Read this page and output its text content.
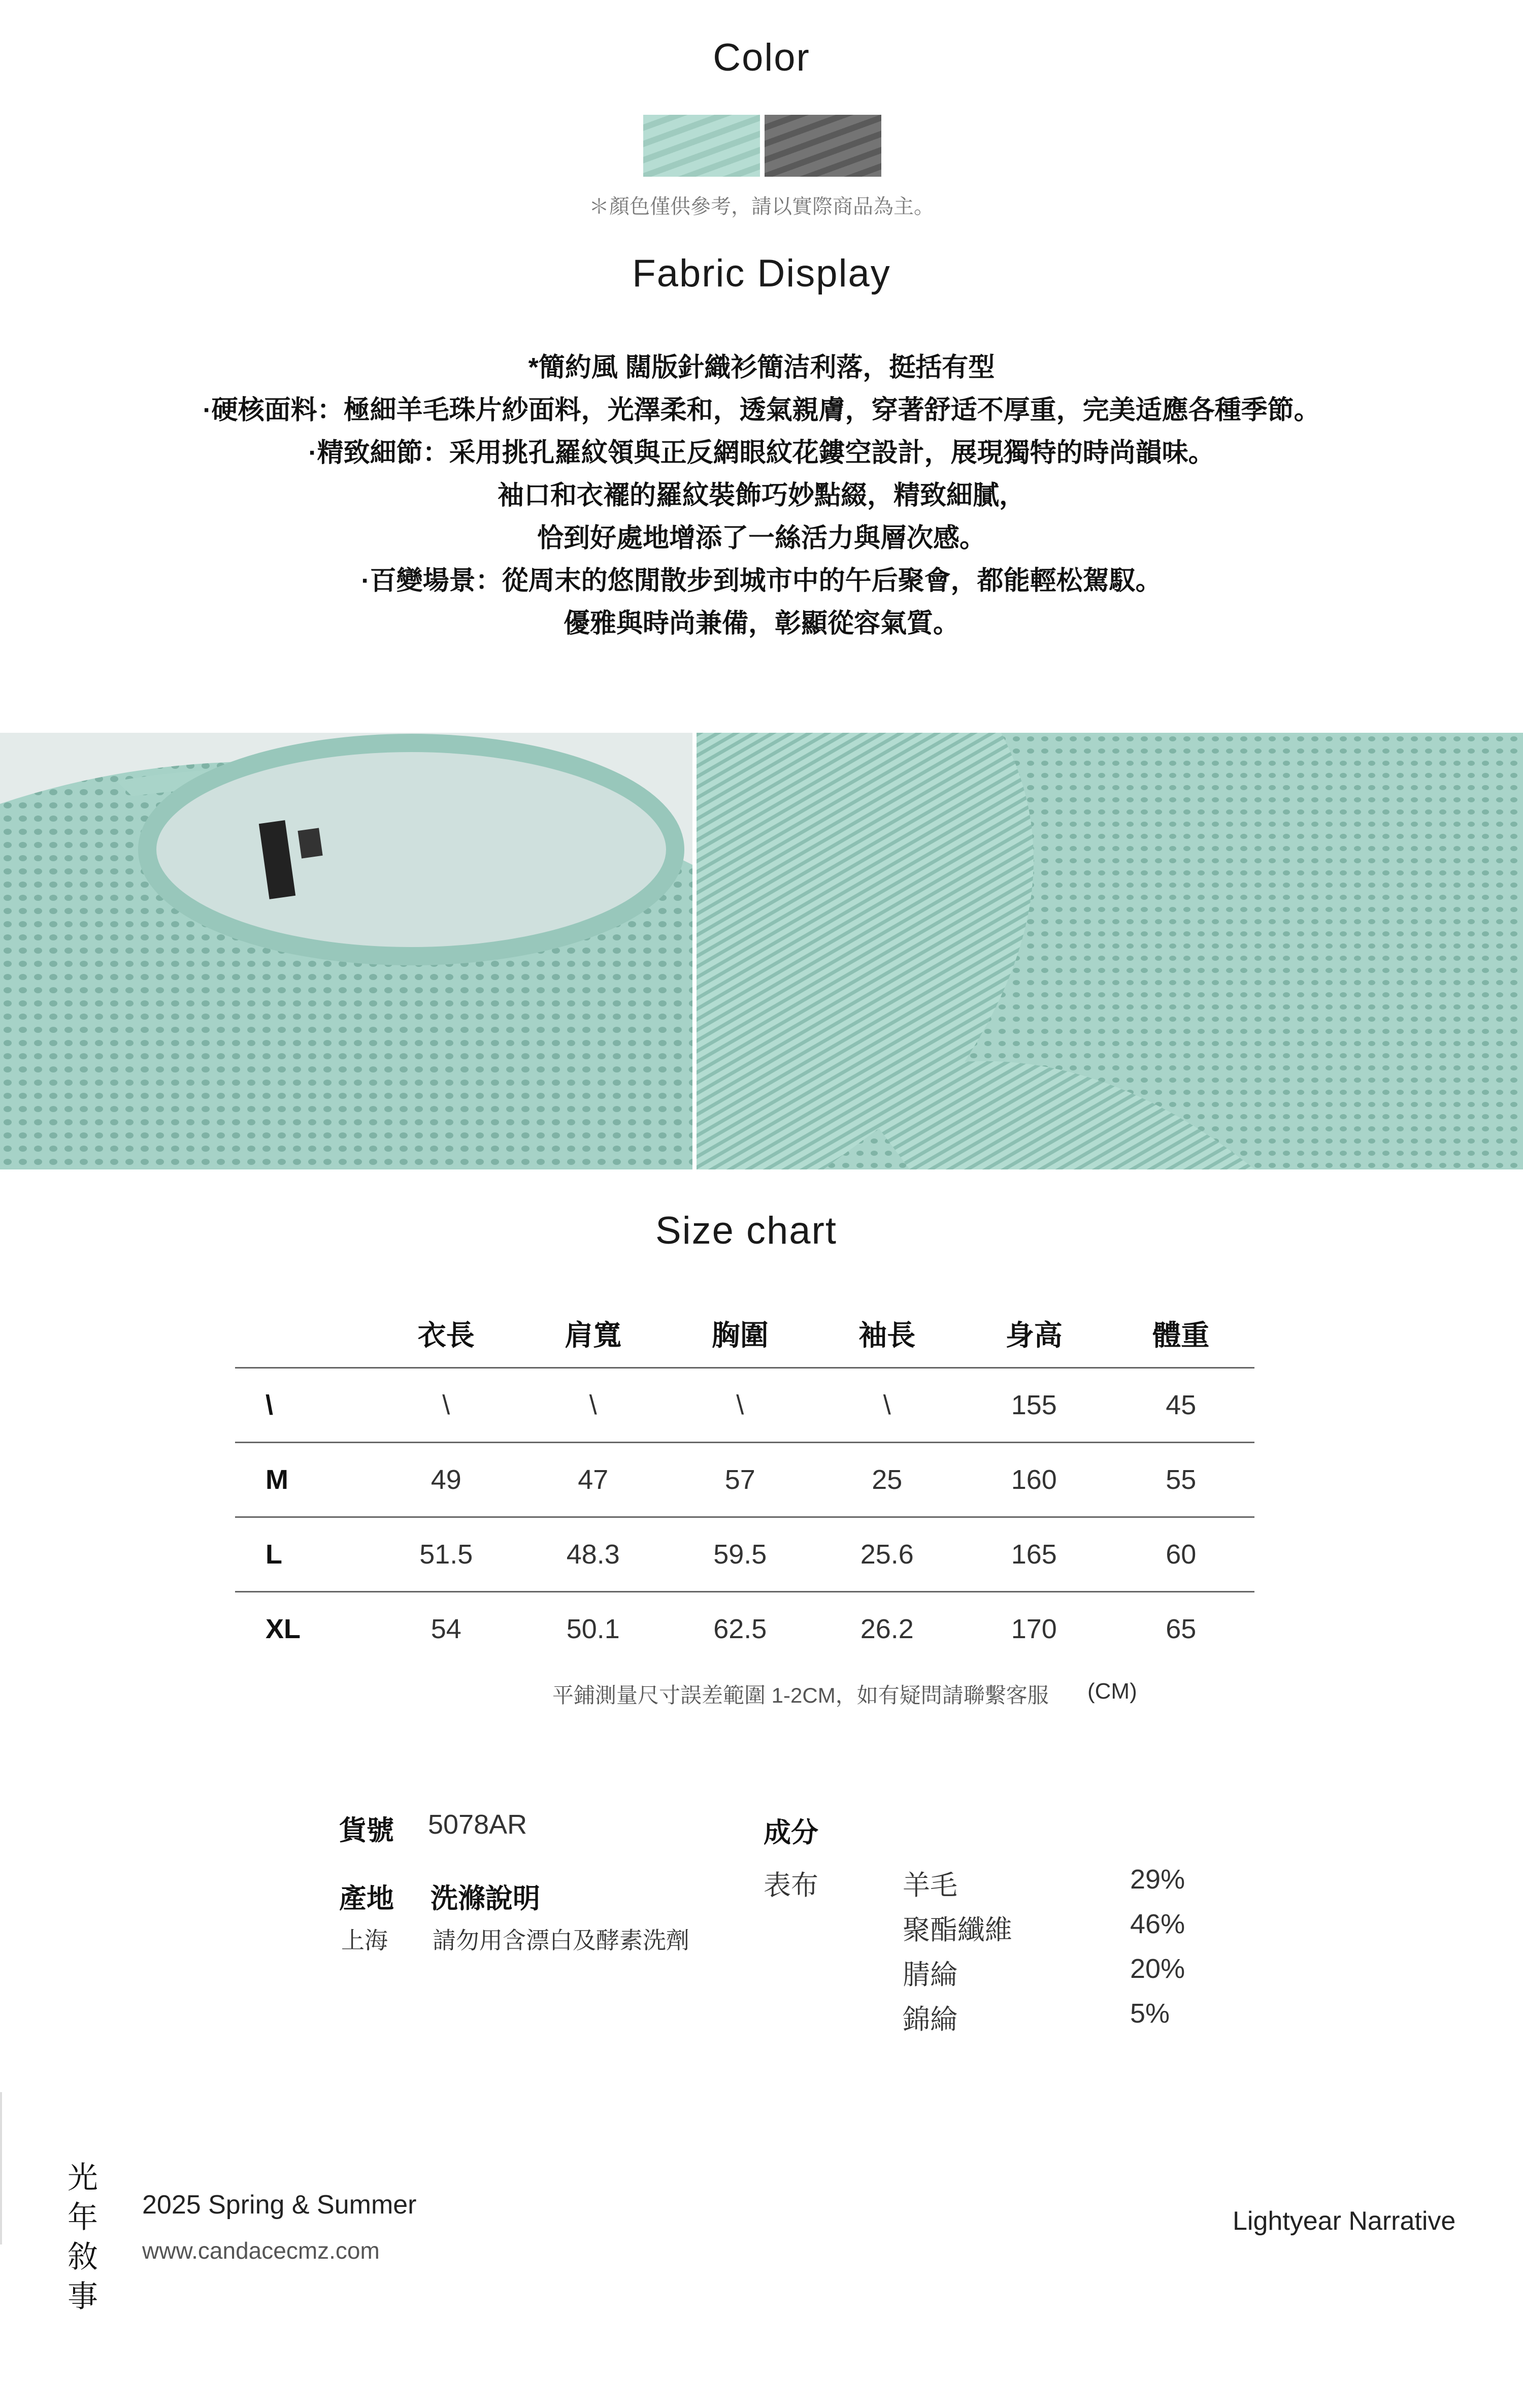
Color
＊顏色僅供參考，請以實際商品為主。
Fabric Display
*簡約風 闊版針織衫簡洁利落，挺括有型
·硬核面料：極細羊毛珠片紗面料，光澤柔和，透氣親膚，穿著舒适不厚重，完美适應各種季節。
·精致細節：采用挑孔羅紋領與正反網眼紋花鏤空設計，展現獨特的時尚韻味。
袖口和衣襬的羅紋裝飾巧妙點綴，精致細膩，
恰到好處地增添了一絲活力與層次感。
·百變場景：從周末的悠閒散步到城市中的午后聚會，都能輕松駕馭。
優雅與時尚兼備，彰顯從容氣質。
Size chart
	衣長	肩寬	胸圍	袖長	身高	體重
\	\	\	\	\	155	45
M	49	47	57	25	160	55
L	51.5	48.3	59.5	25.6	165	60
XL	54	50.1	62.5	26.2	170	65
平鋪測量尺寸誤差範圍 1-2CM，如有疑問請聯繫客服 (CM)
貨號 5078AR
產地 洗滌說明
上海 請勿用含漂白及酵素洗劑
成分
表布	羊毛	29%
聚酯纖維	46%
腈綸	20%
錦綸	5%
光
年
敘
事
2025 Spring & Summer
www.candacecmz.com
Lightyear Narrative
